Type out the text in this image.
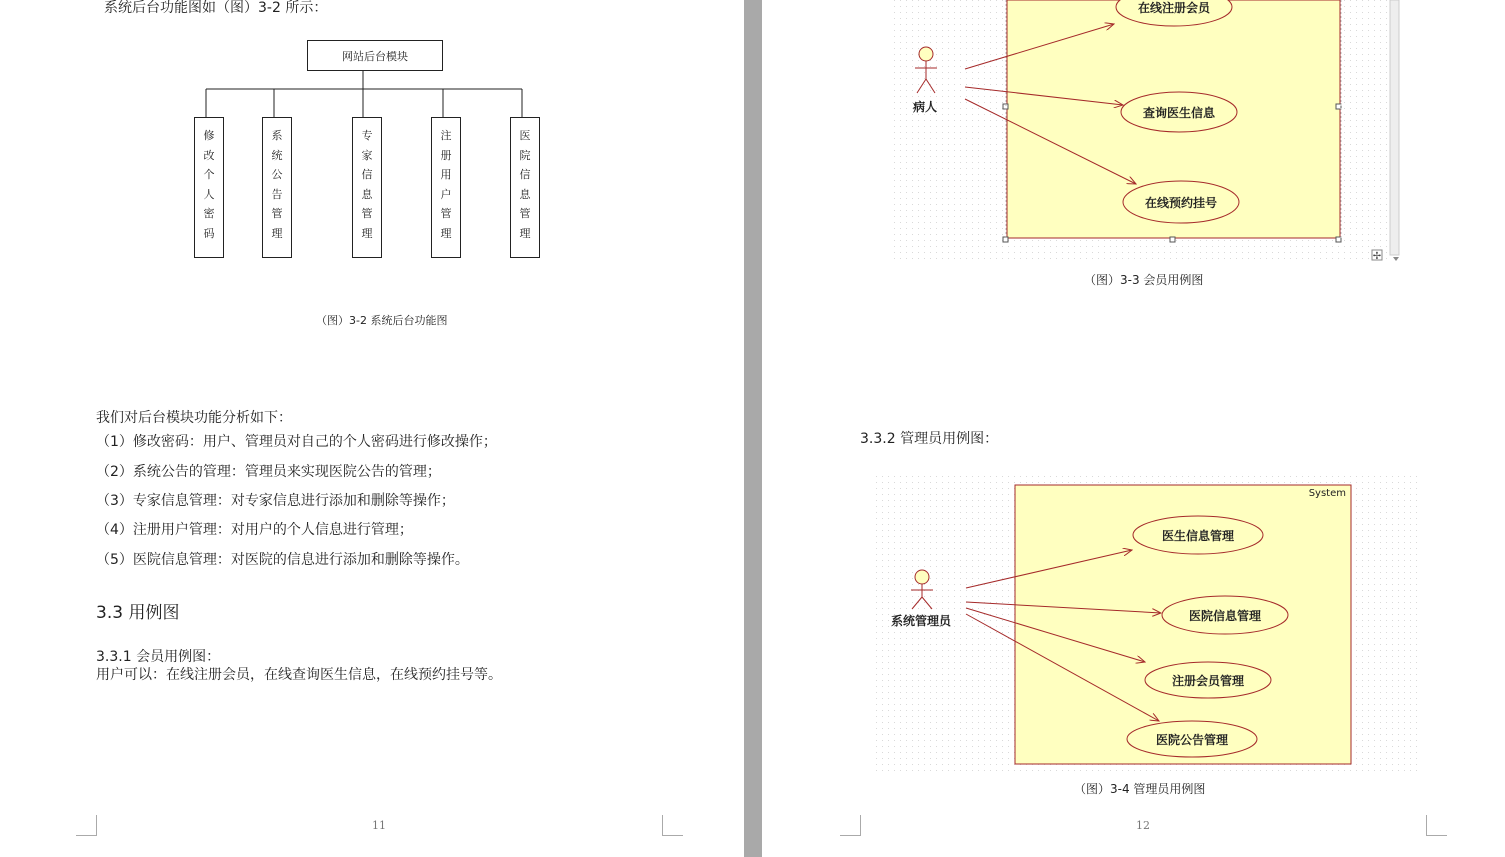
系统后台功能图如（图）3-2 所示：
网站后台模块
修
改
个
人
密
码
系
统
公
告
管
理
专
家
信
息
管
理
注
册
用
户
管
理
医
院
信
息
管
理
（图）3-2 系统后台功能图
我们对后台模块功能分析如下：
（1）修改密码：用户、管理员对自己的个人密码进行修改操作；
（2）系统公告的管理：管理员来实现医院公告的管理；
（3）专家信息管理：对专家信息进行添加和删除等操作；
（4）注册用户管理：对用户的个人信息进行管理；
（5）医院信息管理：对医院的信息进行添加和删除等操作。
3.3 用例图
3.3.1 会员用例图：
用户可以：在线注册会员，在线查询医生信息，在线预约挂号等。
11
✢
病人
在线注册会员
查询医生信息
在线预约挂号
（图）3-3 会员用例图
3.3.2 管理员用例图：
System
系统管理员
医生信息管理
医院信息管理
注册会员管理
医院公告管理
（图）3-4 管理员用例图
12
